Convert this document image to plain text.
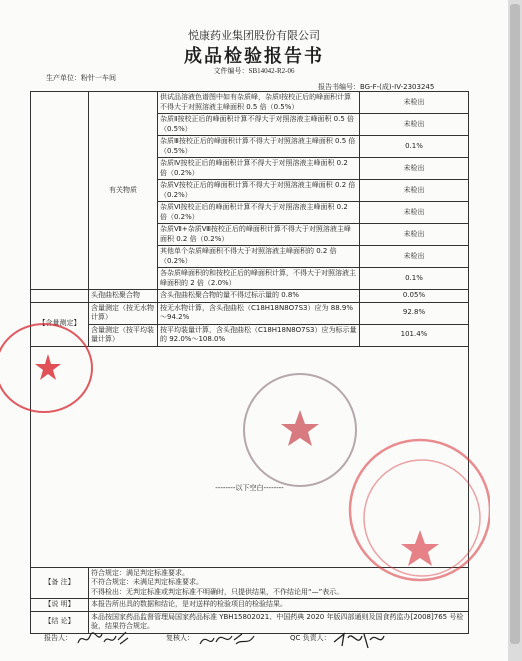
悦康药业集团股份有限公司
成品检验报告书
文件编号：SB14042-R2-06
生产单位：粉针一车间
报告书编号：BG-F-(成)-IV-2303245
	有关物质	供试品溶液色谱图中如有杂质峰，杂质Ⅰ按校正后的峰面积计算不得大于对照溶液主峰面积 0.5 倍（0.5%）	未检出
		杂质Ⅱ按校正后的峰面积计算不得大于对照溶液主峰面积 0.5 倍（0.5%）	未检出
		杂质Ⅲ按校正后的峰面积计算不得大于对照溶液主峰面积 0.5 倍（0.5%）	0.1%
		杂质Ⅳ按校正后的峰面积计算不得大于对照溶液主峰面积 0.2 倍（0.2%）	未检出
		杂质Ⅴ按校正后的峰面积计算不得大于对照溶液主峰面积 0.2 倍（0.2%）	未检出
		杂质Ⅵ按校正后的峰面积计算不得大于对照溶液主峰面积 0.2 倍（0.2%）	未检出
		杂质Ⅶ+杂质Ⅷ按校正后的峰面积计算不得大于对照溶液主峰面积 0.2 倍（0.2%）	未检出
		其他单个杂质峰面积不得大于对照溶液主峰面积的 0.2 倍（0.2%）	未检出
		各杂质峰面积的和按校正后的峰面积计算，不得大于对照溶液主峰面积的 2 倍（2.0%）	0.1%
	头孢曲松聚合物	含头孢曲松聚合物的量不得过标示量的 0.8%	0.05%
【含量测定】	含量测定（按无水物计算）	按无水物计算，含头孢曲松（C18H18N8O7S3）应为 88.9%～94.2%	92.8%
	含量测定（按平均装量计算）	按平均装量计算，含头孢曲松（C18H18N8O7S3）应为标示量的 92.0%～108.0%	101.4%

--------以下空白--------			

【备 注】	符合规定：满足判定标准要求。
不符合规定：未满足判定标准要求。
不得检出：无判定标准或判定标准不明确时，只提供结果，不作结论用“—”表示。		

【说 明】	本报告所出具的数据和结论，是对送样的检验项目的检验结果。		
【结 论】	本品按国家药品监督管理局国家药品标准 YBH15802021、中国药典 2020 年版四部通则及国食药监办[2008]765 号检验，结果符合规定。		
报告人：	复核人：	QC 负责人：
